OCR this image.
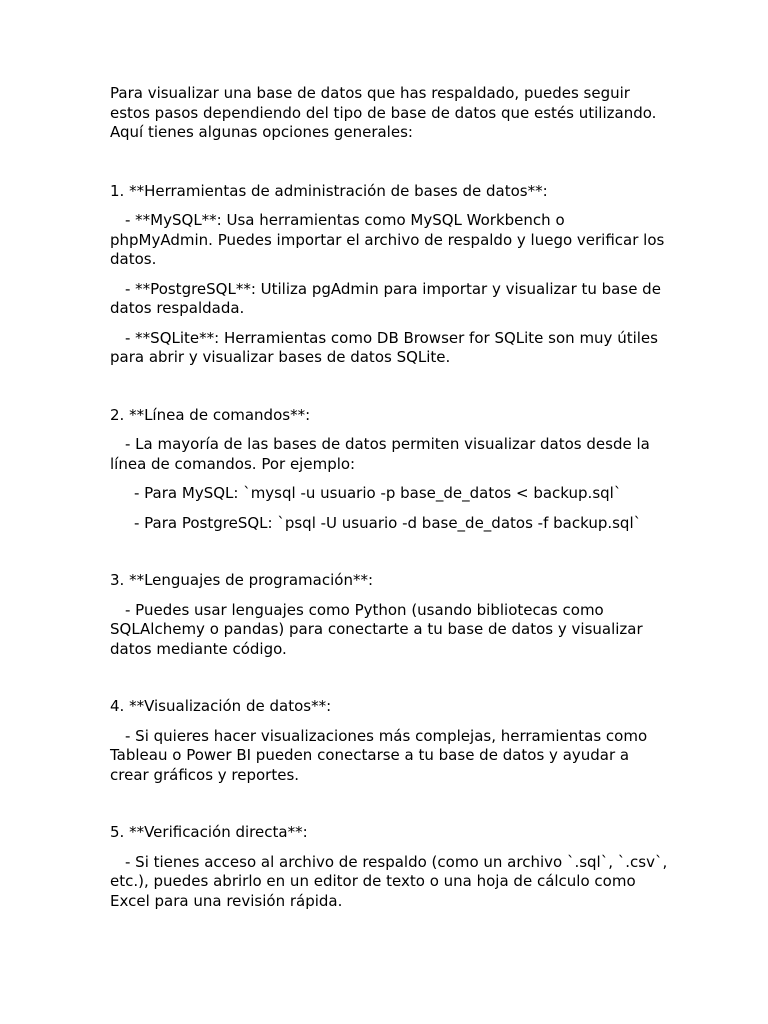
Para visualizar una base de datos que has respaldado, puedes seguir estos pasos dependiendo del tipo de base de datos que estés utilizando. Aquí tienes algunas opciones generales:

1. **Herramientas de administración de bases de datos**:

- **MySQL**: Usa herramientas como MySQL Workbench o phpMyAdmin. Puedes importar el archivo de respaldo y luego verificar los datos.

- **PostgreSQL**: Utiliza pgAdmin para importar y visualizar tu base de datos respaldada.

- **SQLite**: Herramientas como DB Browser for SQLite son muy útiles para abrir y visualizar bases de datos SQLite.

2. **Línea de comandos**:

- La mayoría de las bases de datos permiten visualizar datos desde la línea de comandos. Por ejemplo:

- Para MySQL: `mysql -u usuario -p base_de_datos < backup.sql`

- Para PostgreSQL: `psql -U usuario -d base_de_datos -f backup.sql`

3. **Lenguajes de programación**:

- Puedes usar lenguajes como Python (usando bibliotecas como SQLAlchemy o pandas) para conectarte a tu base de datos y visualizar datos mediante código.

4. **Visualización de datos**:

- Si quieres hacer visualizaciones más complejas, herramientas como Tableau o Power BI pueden conectarse a tu base de datos y ayudar a crear gráficos y reportes.

5. **Verificación directa**:

- Si tienes acceso al archivo de respaldo (como un archivo `.sql`, `.csv`, etc.), puedes abrirlo en un editor de texto o una hoja de cálculo como Excel para una revisión rápida.
